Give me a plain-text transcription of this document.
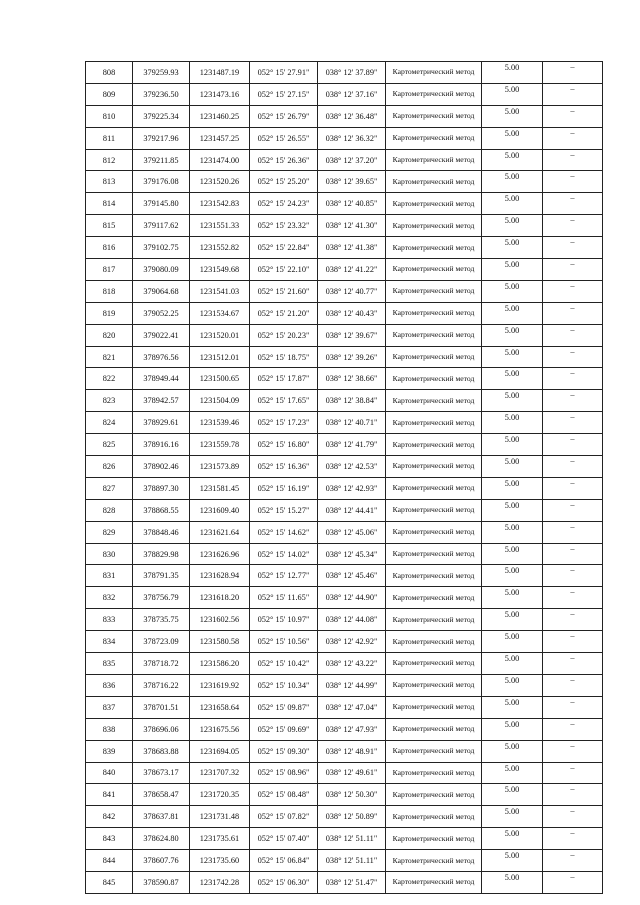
808	379259.93	1231487.19	052° 15' 27.91"	038° 12' 37.89"	Картометрический метод	5.00	–
809	379236.50	1231473.16	052° 15' 27.15"	038° 12' 37.16"	Картометрический метод	5.00	–
810	379225.34	1231460.25	052° 15' 26.79"	038° 12' 36.48"	Картометрический метод	5.00	–
811	379217.96	1231457.25	052° 15' 26.55"	038° 12' 36.32"	Картометрический метод	5.00	–
812	379211.85	1231474.00	052° 15' 26.36"	038° 12' 37.20"	Картометрический метод	5.00	–
813	379176.08	1231520.26	052° 15' 25.20"	038° 12' 39.65"	Картометрический метод	5.00	–
814	379145.80	1231542.83	052° 15' 24.23"	038° 12' 40.85"	Картометрический метод	5.00	–
815	379117.62	1231551.33	052° 15' 23.32"	038° 12' 41.30"	Картометрический метод	5.00	–
816	379102.75	1231552.82	052° 15' 22.84"	038° 12' 41.38"	Картометрический метод	5.00	–
817	379080.09	1231549.68	052° 15' 22.10"	038° 12' 41.22"	Картометрический метод	5.00	–
818	379064.68	1231541.03	052° 15' 21.60"	038° 12' 40.77"	Картометрический метод	5.00	–
819	379052.25	1231534.67	052° 15' 21.20"	038° 12' 40.43"	Картометрический метод	5.00	–
820	379022.41	1231520.01	052° 15' 20.23"	038° 12' 39.67"	Картометрический метод	5.00	–
821	378976.56	1231512.01	052° 15' 18.75"	038° 12' 39.26"	Картометрический метод	5.00	–
822	378949.44	1231500.65	052° 15' 17.87"	038° 12' 38.66"	Картометрический метод	5.00	–
823	378942.57	1231504.09	052° 15' 17.65"	038° 12' 38.84"	Картометрический метод	5.00	–
824	378929.61	1231539.46	052° 15' 17.23"	038° 12' 40.71"	Картометрический метод	5.00	–
825	378916.16	1231559.78	052° 15' 16.80"	038° 12' 41.79"	Картометрический метод	5.00	–
826	378902.46	1231573.89	052° 15' 16.36"	038° 12' 42.53"	Картометрический метод	5.00	–
827	378897.30	1231581.45	052° 15' 16.19"	038° 12' 42.93"	Картометрический метод	5.00	–
828	378868.55	1231609.40	052° 15' 15.27"	038° 12' 44.41"	Картометрический метод	5.00	–
829	378848.46	1231621.64	052° 15' 14.62"	038° 12' 45.06"	Картометрический метод	5.00	–
830	378829.98	1231626.96	052° 15' 14.02"	038° 12' 45.34"	Картометрический метод	5.00	–
831	378791.35	1231628.94	052° 15' 12.77"	038° 12' 45.46"	Картометрический метод	5.00	–
832	378756.79	1231618.20	052° 15' 11.65"	038° 12' 44.90"	Картометрический метод	5.00	–
833	378735.75	1231602.56	052° 15' 10.97"	038° 12' 44.08"	Картометрический метод	5.00	–
834	378723.09	1231580.58	052° 15' 10.56"	038° 12' 42.92"	Картометрический метод	5.00	–
835	378718.72	1231586.20	052° 15' 10.42"	038° 12' 43.22"	Картометрический метод	5.00	–
836	378716.22	1231619.92	052° 15' 10.34"	038° 12' 44.99"	Картометрический метод	5.00	–
837	378701.51	1231658.64	052° 15' 09.87"	038° 12' 47.04"	Картометрический метод	5.00	–
838	378696.06	1231675.56	052° 15' 09.69"	038° 12' 47.93"	Картометрический метод	5.00	–
839	378683.88	1231694.05	052° 15' 09.30"	038° 12' 48.91"	Картометрический метод	5.00	–
840	378673.17	1231707.32	052° 15' 08.96"	038° 12' 49.61"	Картометрический метод	5.00	–
841	378658.47	1231720.35	052° 15' 08.48"	038° 12' 50.30"	Картометрический метод	5.00	–
842	378637.81	1231731.48	052° 15' 07.82"	038° 12' 50.89"	Картометрический метод	5.00	–
843	378624.80	1231735.61	052° 15' 07.40"	038° 12' 51.11"	Картометрический метод	5.00	–
844	378607.76	1231735.60	052° 15' 06.84"	038° 12' 51.11"	Картометрический метод	5.00	–
845	378590.87	1231742.28	052° 15' 06.30"	038° 12' 51.47"	Картометрический метод	5.00	–
